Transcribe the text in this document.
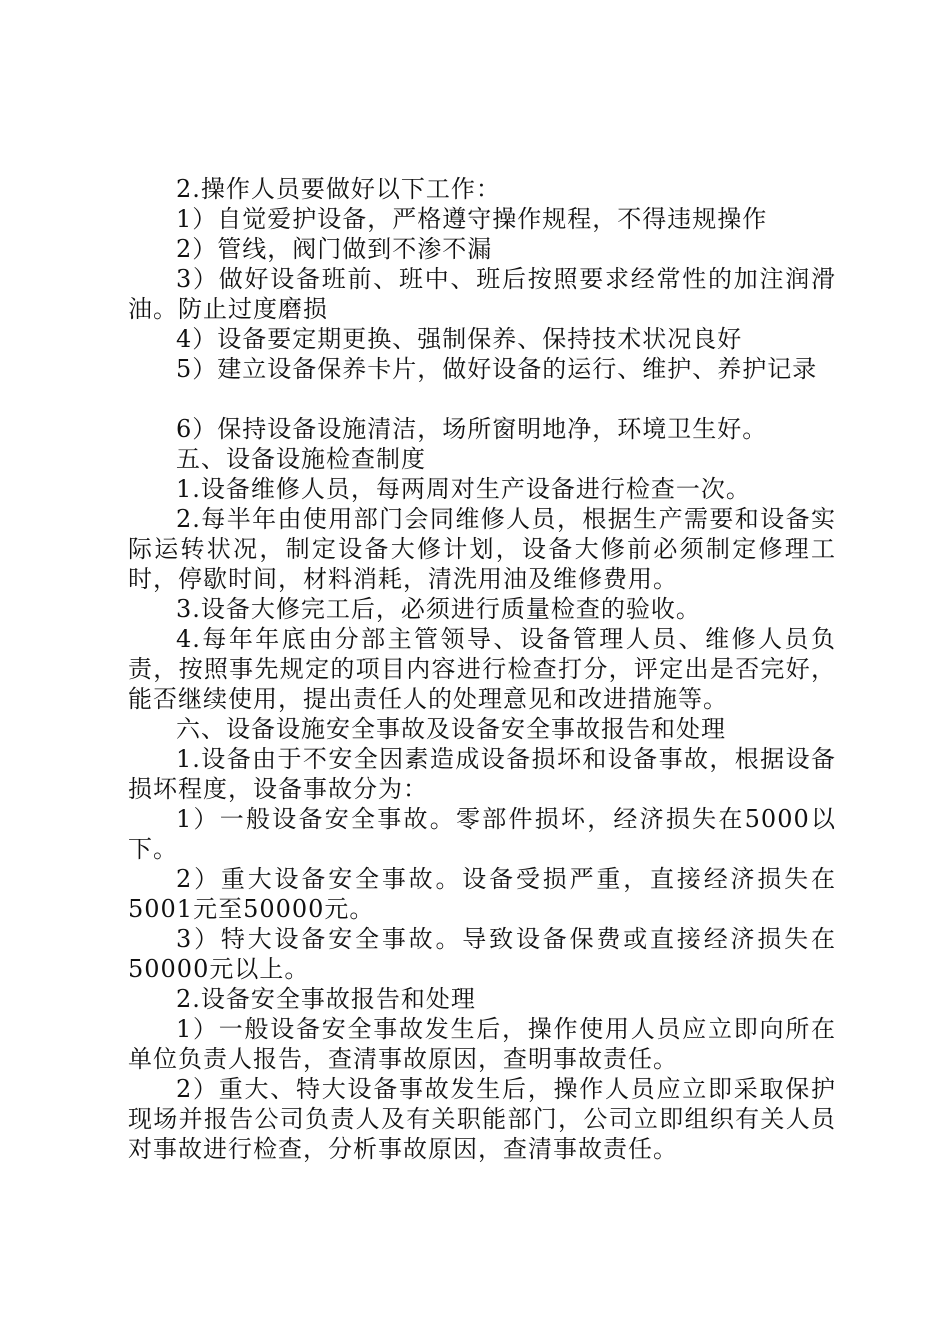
2.操作人员要做好以下工作：

1）自觉爱护设备，严格遵守操作规程，不得违规操作

2）管线，阀门做到不渗不漏

3）做好设备班前、班中、班后按照要求经常性的加注润滑油。防止过度磨损

4）设备要定期更换、强制保养、保持技术状况良好

5）建立设备保养卡片，做好设备的运行、维护、养护记录

6）保持设备设施清洁，场所窗明地净，环境卫生好。

五、设备设施检查制度

1.设备维修人员，每两周对生产设备进行检查一次。

2.每半年由使用部门会同维修人员，根据生产需要和设备实际运转状况，制定设备大修计划，设备大修前必须制定修理工时，停歇时间，材料消耗，清洗用油及维修费用。

3.设备大修完工后，必须进行质量检查的验收。

4.每年年底由分部主管领导、设备管理人员、维修人员负责，按照事先规定的项目内容进行检查打分，评定出是否完好，能否继续使用，提出责任人的处理意见和改进措施等。

六、设备设施安全事故及设备安全事故报告和处理

1.设备由于不安全因素造成设备损坏和设备事故，根据设备损坏程度，设备事故分为：

1）一般设备安全事故。零部件损坏，经济损失在5000以下。

2）重大设备安全事故。设备受损严重，直接经济损失在5001元至50000元。

3）特大设备安全事故。导致设备保费或直接经济损失在50000元以上。

2.设备安全事故报告和处理

1）一般设备安全事故发生后，操作使用人员应立即向所在单位负责人报告，查清事故原因，查明事故责任。

2）重大、特大设备事故发生后，操作人员应立即采取保护现场并报告公司负责人及有关职能部门，公司立即组织有关人员对事故进行检查，分析事故原因，查清事故责任。
